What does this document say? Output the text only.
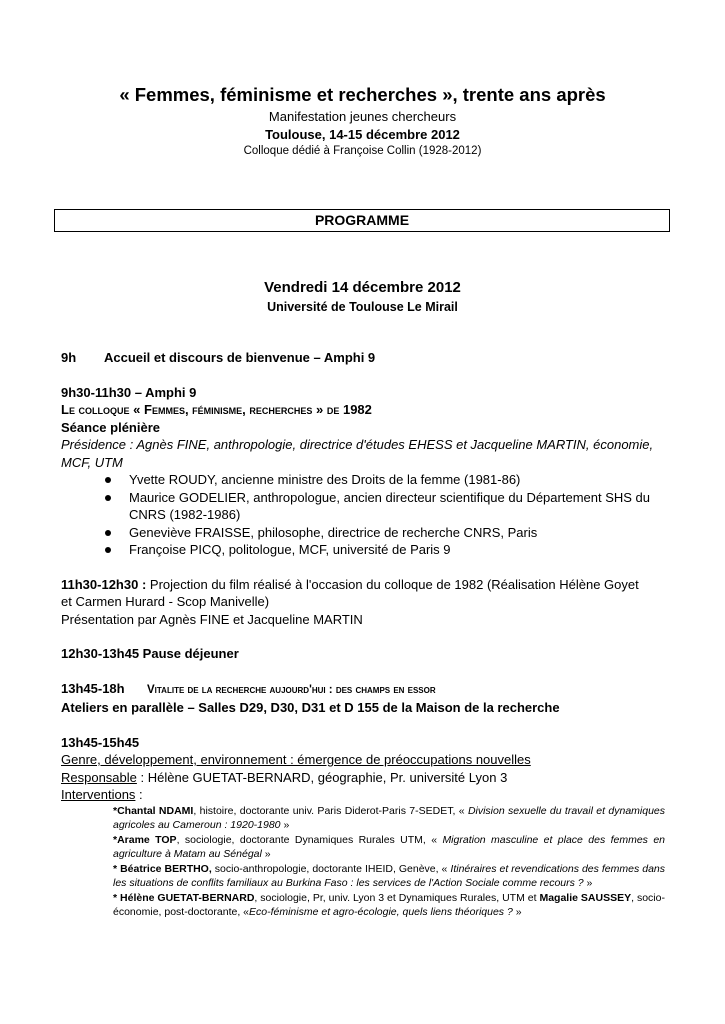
« Femmes, féminisme et recherches », trente ans après
Manifestation jeunes chercheurs
Toulouse, 14-15 décembre 2012
Colloque dédié à Françoise Collin (1928-2012)
PROGRAMME
Vendredi 14 décembre 2012
Université de Toulouse Le Mirail
9h Accueil et discours de bienvenue – Amphi 9
9h30-11h30 – Amphi 9
Le colloque « Femmes, féminisme, recherches » de 1982
Séance plénière
Présidence : Agnès FINE, anthropologie, directrice d'études EHESS et Jacqueline MARTIN, économie,
MCF, UTM
Yvette ROUDY, ancienne ministre des Droits de la femme (1981-86)
Maurice GODELIER, anthropologue, ancien directeur scientifique du Département SHS du
CNRS (1982-1986)
Geneviève FRAISSE, philosophe, directrice de recherche CNRS, Paris
Françoise PICQ, politologue, MCF, université de Paris 9
11h30-12h30 : Projection du film réalisé à l'occasion du colloque de 1982 (Réalisation Hélène Goyet
et Carmen Hurard - Scop Manivelle)
Présentation par Agnès FINE et Jacqueline MARTIN
12h30-13h45 Pause déjeuner
13h45-18h Vitalite de la recherche aujourd'hui : des champs en essor
Ateliers en parallèle – Salles D29, D30, D31 et D 155 de la Maison de la recherche
13h45-15h45
Genre, développement, environnement : émergence de préoccupations nouvelles
Responsable : Hélène GUETAT-BERNARD, géographie, Pr. université Lyon 3
Interventions :

*Chantal NDAMI, histoire, doctorante univ. Paris Diderot-Paris 7-SEDET, « Division sexuelle du travail et dynamiques agricoles au Cameroun : 1920-1980 »

*Arame TOP, sociologie, doctorante Dynamiques Rurales UTM, « Migration masculine et place des femmes en agriculture à Matam au Sénégal »

* Béatrice BERTHO, socio-anthropologie, doctorante IHEID, Genève, « Itinéraires et revendications des femmes dans les situations de conflits familiaux au Burkina Faso : les services de l'Action Sociale comme recours ? »

* Hélène GUETAT-BERNARD, sociologie, Pr, univ. Lyon 3 et Dynamiques Rurales, UTM et Magalie SAUSSEY, socio-économie, post-doctorante, «Eco-féminisme et agro-écologie, quels liens théoriques ? »
